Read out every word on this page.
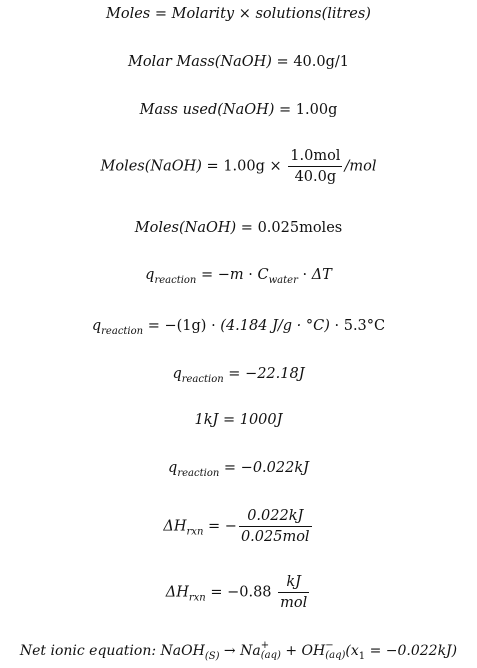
Moles = Molarity × solutions(litres)
Molar Mass(NaOH) = 40.0g/1
Mass used(NaOH) = 1.00g
Moles(NaOH) = $1.00g \times \frac{\text{1.0mol}}{40.0g} /mol$
Moles(NaOH) = 0.025moles
$q_{reaction} = -m \cdot C_{water} \cdot \Delta T$
$q_{reaction} = -(1g) \cdot (4.184$ J/g · °C) · 5.3°C
$q_{reaction} = -22.18J$
1kJ = 1000J
$q_{reaction} = -0.022kJ$
$\Delta H_{rxn}$ = − $\frac{0.022kJ}{\text{0.025mol}}$
$\Delta H_{rxn} = -0.88 \frac{kJ}{\text{mol}}$
Net ionic equation: NaOH$_{(S)}$ → Na +
(aq) + OH −
(aq) $(x_1 = -0.022kJ)$
